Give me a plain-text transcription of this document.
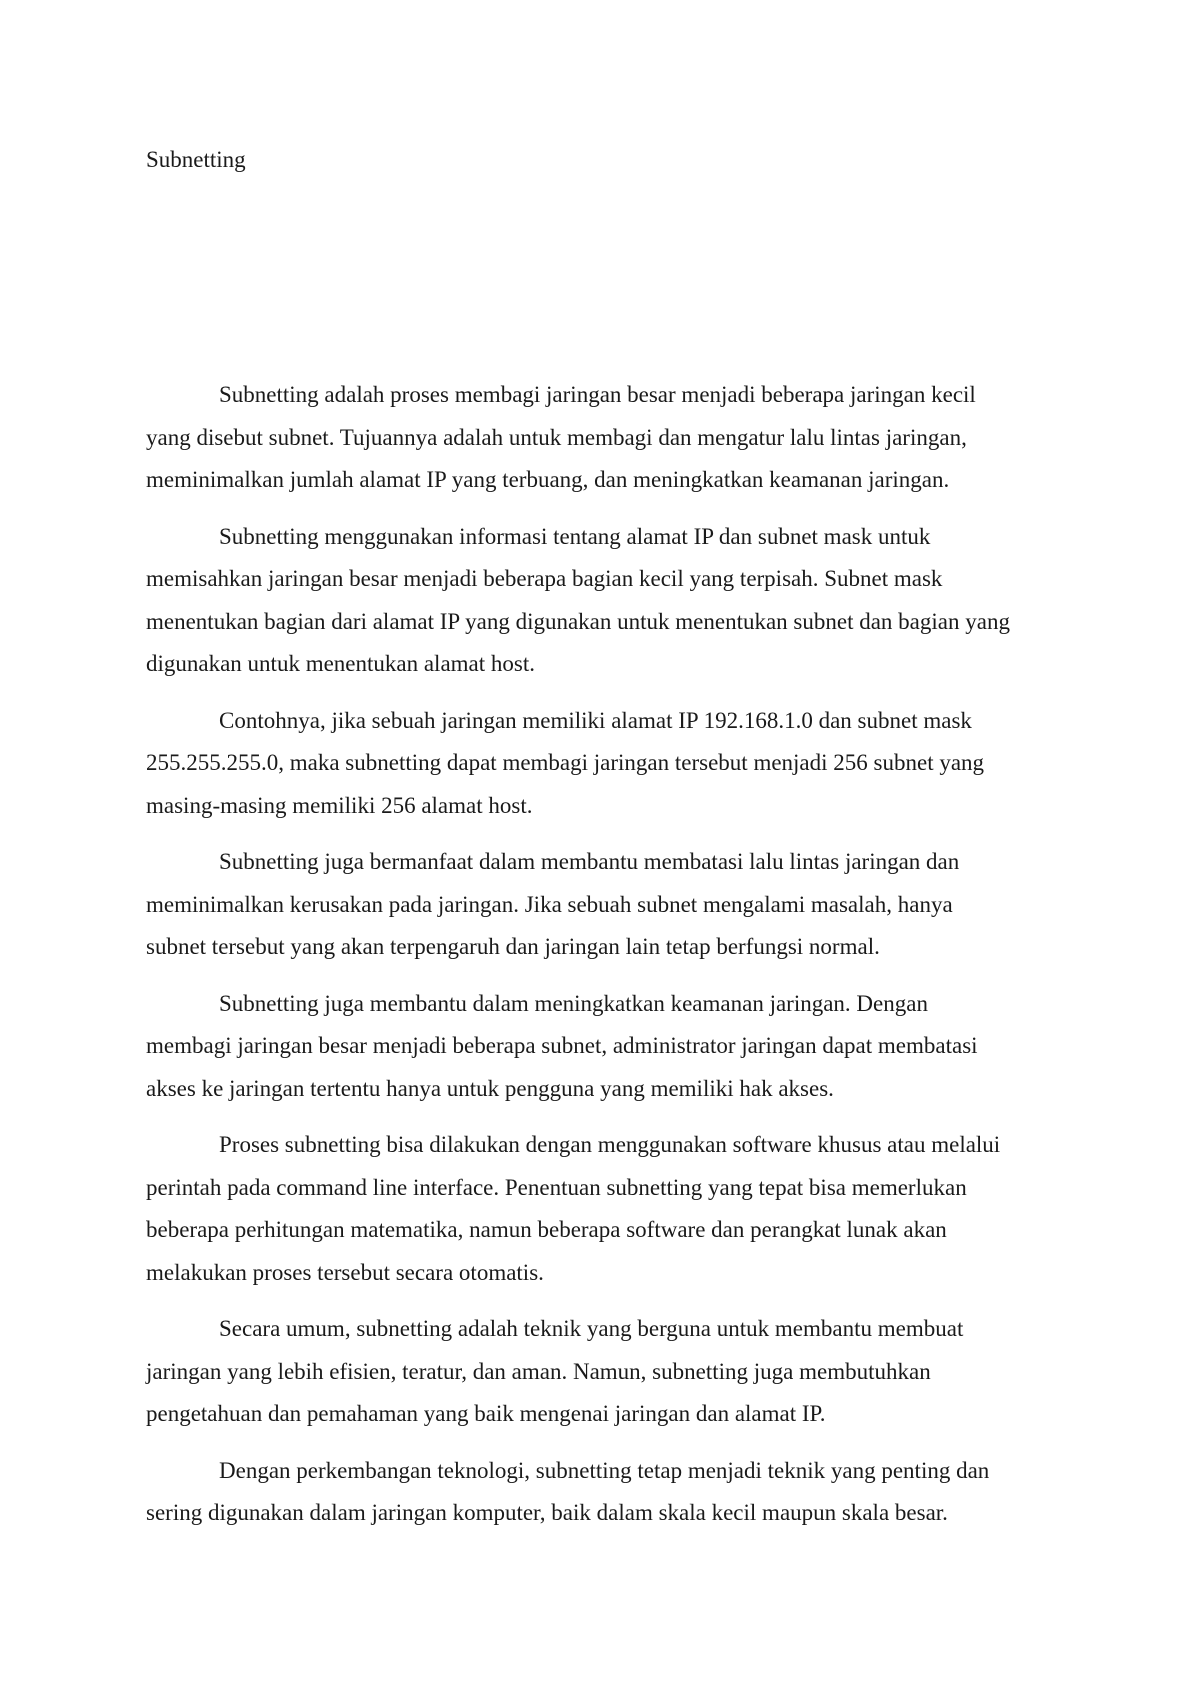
Subnetting

Subnetting adalah proses membagi jaringan besar menjadi beberapa jaringan kecil
yang disebut subnet. Tujuannya adalah untuk membagi dan mengatur lalu lintas jaringan,
meminimalkan jumlah alamat IP yang terbuang, dan meningkatkan keamanan jaringan.

Subnetting menggunakan informasi tentang alamat IP dan subnet mask untuk
memisahkan jaringan besar menjadi beberapa bagian kecil yang terpisah. Subnet mask
menentukan bagian dari alamat IP yang digunakan untuk menentukan subnet dan bagian yang
digunakan untuk menentukan alamat host.

Contohnya, jika sebuah jaringan memiliki alamat IP 192.168.1.0 dan subnet mask
255.255.255.0, maka subnetting dapat membagi jaringan tersebut menjadi 256 subnet yang
masing-masing memiliki 256 alamat host.

Subnetting juga bermanfaat dalam membantu membatasi lalu lintas jaringan dan
meminimalkan kerusakan pada jaringan. Jika sebuah subnet mengalami masalah, hanya
subnet tersebut yang akan terpengaruh dan jaringan lain tetap berfungsi normal.

Subnetting juga membantu dalam meningkatkan keamanan jaringan. Dengan
membagi jaringan besar menjadi beberapa subnet, administrator jaringan dapat membatasi
akses ke jaringan tertentu hanya untuk pengguna yang memiliki hak akses.

Proses subnetting bisa dilakukan dengan menggunakan software khusus atau melalui
perintah pada command line interface. Penentuan subnetting yang tepat bisa memerlukan
beberapa perhitungan matematika, namun beberapa software dan perangkat lunak akan
melakukan proses tersebut secara otomatis.

Secara umum, subnetting adalah teknik yang berguna untuk membantu membuat
jaringan yang lebih efisien, teratur, dan aman. Namun, subnetting juga membutuhkan
pengetahuan dan pemahaman yang baik mengenai jaringan dan alamat IP.

Dengan perkembangan teknologi, subnetting tetap menjadi teknik yang penting dan
sering digunakan dalam jaringan komputer, baik dalam skala kecil maupun skala besar.
